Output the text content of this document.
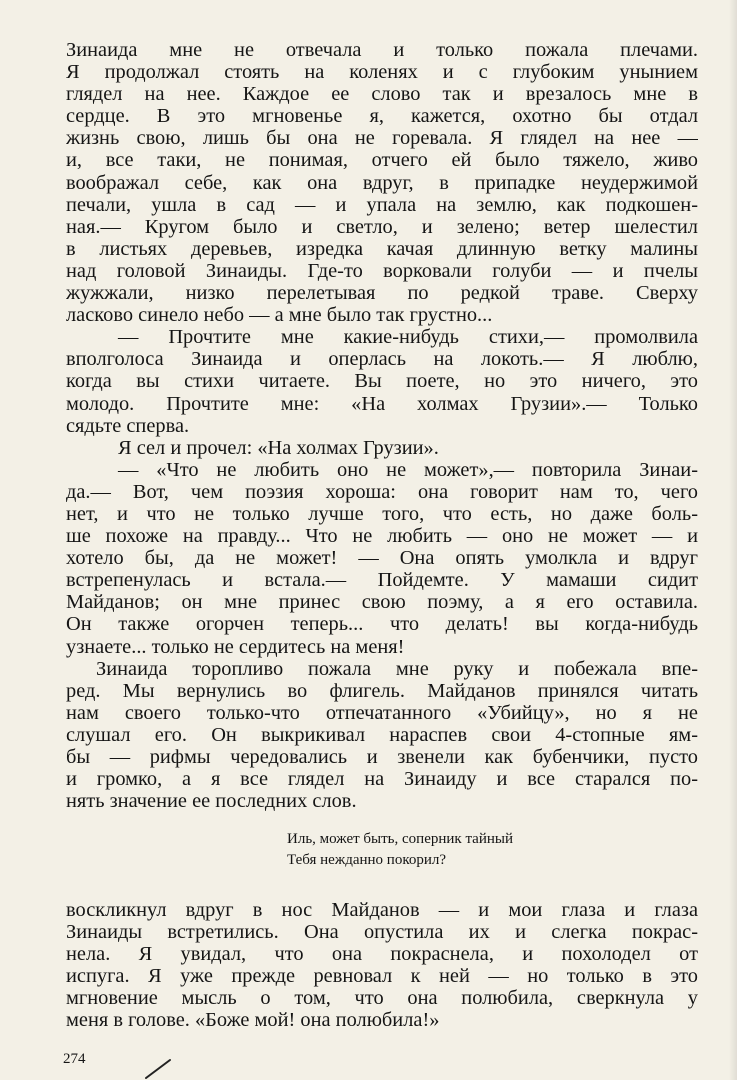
Зинаида мне не отвечала и только пожала плечами.
Я продолжал стоять на коленях и с глубоким унынием
глядел на нее. Каждое ее слово так и врезалось мне в
сердце. В это мгновенье я, кажется, охотно бы отдал
жизнь свою, лишь бы она не горевала. Я глядел на нее —
и, все таки, не понимая, отчего ей было тяжело, живо
воображал себе, как она вдруг, в припадке неудержимой
печали, ушла в сад — и упала на землю, как подкошен-
ная.— Кругом было и светло, и зелено; ветер шелестил
в листьях деревьев, изредка качая длинную ветку малины
над головой Зинаиды. Где-то ворковали голуби — и пчелы
жужжали, низко перелетывая по редкой траве. Сверху
ласково синело небо — а мне было так грустно...
— Прочтите мне какие-нибудь стихи,— промолвила
вполголоса Зинаида и оперлась на локоть.— Я люблю,
когда вы стихи читаете. Вы поете, но это ничего, это
молодо. Прочтите мне: «На холмах Грузии».— Только
сядьте сперва.
Я сел и прочел: «На холмах Грузии».
— «Что не любить оно не может»,— повторила Зинаи-
да.— Вот, чем поэзия хороша: она говорит нам то, чего
нет, и что не только лучше того, что есть, но даже боль-
ше похоже на правду... Что не любить — оно не может — и
хотело бы, да не может! — Она опять умолкла и вдруг
встрепенулась и встала.— Пойдемте. У мамаши сидит
Майданов; он мне принес свою поэму, а я его оставила.
Он также огорчен теперь... что делать! вы когда-нибудь
узнаете... только не сердитесь на меня!
Зинаида торопливо пожала мне руку и побежала впе-
ред. Мы вернулись во флигель. Майданов принялся читать
нам своего только-что отпечатанного «Убийцу», но я не
слушал его. Он выкрикивал нараспев свои 4-стопные ям-
бы — рифмы чередовались и звенели как бубенчики, пусто
и громко, а я все глядел на Зинаиду и все старался по-
нять значение ее последних слов.
Иль, может быть, соперник тайный
Тебя нежданно покорил?
воскликнул вдруг в нос Майданов — и мои глаза и глаза
Зинаиды встретились. Она опустила их и слегка покрас-
нела. Я увидал, что она покраснела, и похолодел от
испуга. Я уже прежде ревновал к ней — но только в это
мгновение мысль о том, что она полюбила, сверкнула у
меня в голове. «Боже мой! она полюбила!»
274
